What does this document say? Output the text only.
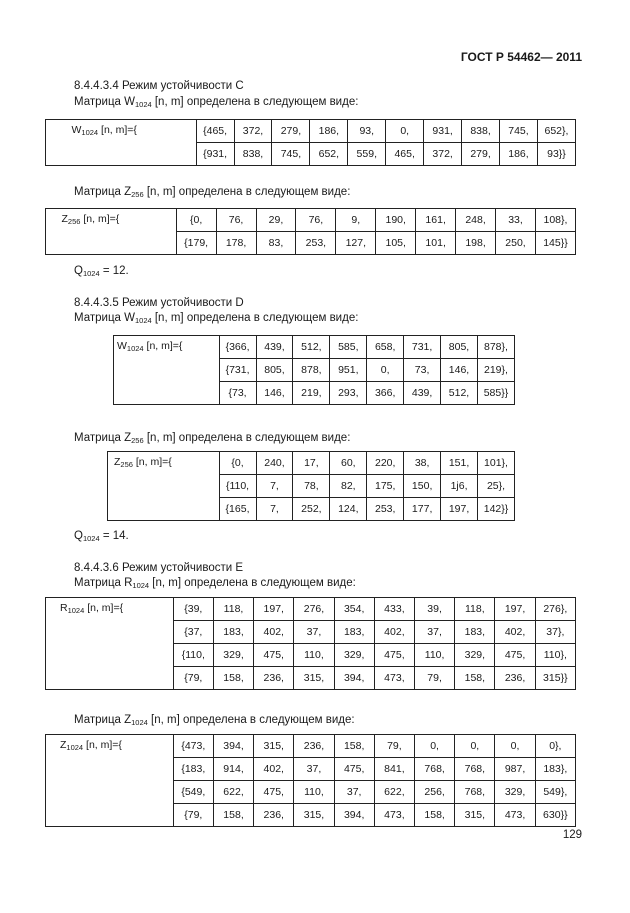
ГОСТ Р 54462— 2011
8.4.4.3.4 Режим устойчивости C
Матрица $W_{1024}$ [n, m] определена в следующем виде:
$W_{1024}$ [n, m]={	{465,	372,	279,	186,	93,	0,	931,	838,	745,	652},
	{931,	838,	745,	652,	559,	465,	372,	279,	186,	93}}
Матрица $Z_{256}$ [n, m] определена в следующем виде:
$Z_{256}$ [n, m]={	{0,	76,	29,	76,	9,	190,	161,	248,	33,	108},
	{179,	178,	83,	253,	127,	105,	101,	198,	250,	145}}
$Q_{1024} = 12$.
8.4.4.3.5 Режим устойчивости D
Матрица $W_{1024}$ [n, m] определена в следующем виде:
$W_{1024}$ [n, m]={	{366,	439,	512,	585,	658,	731,	805,	878},
	{731,	805,	878,	951,	0,	73,	146,	219},
	{73,	146,	219,	293,	366,	439,	512,	585}}
Матрица $Z_{256}$ [n, m] определена в следующем виде:
$Z_{256}$ [n, m]={	{0,	240,	17,	60,	220,	38,	151,	101},
	{110,	7,	78,	82,	175,	150,	1j6,	25},
	{165,	7,	252,	124,	253,	177,	197,	142}}
$Q_{1024} = 14$.
8.4.4.3.6 Режим устойчивости E
Матрица $R_{1024}$ [n, m] определена в следующем виде:
$R_{1024}$ [n, m]={	{39,	118,	197,	276,	354,	433,	39,	118,	197,	276},
	{37,	183,	402,	37,	183,	402,	37,	183,	402,	37},
	{110,	329,	475,	110,	329,	475,	110,	329,	475,	110},
	{79,	158,	236,	315,	394,	473,	79,	158,	236,	315}}
Матрица $Z_{1024}$ [n, m] определена в следующем виде:
$Z_{1024}$ [n, m]={	{473,	394,	315,	236,	158,	79,	0,	0,	0,	0},
	{183,	914,	402,	37,	475,	841,	768,	768,	987,	183},
	{549,	622,	475,	110,	37,	622,	256,	768,	329,	549},
	{79,	158,	236,	315,	394,	473,	158,	315,	473,	630}}
129
